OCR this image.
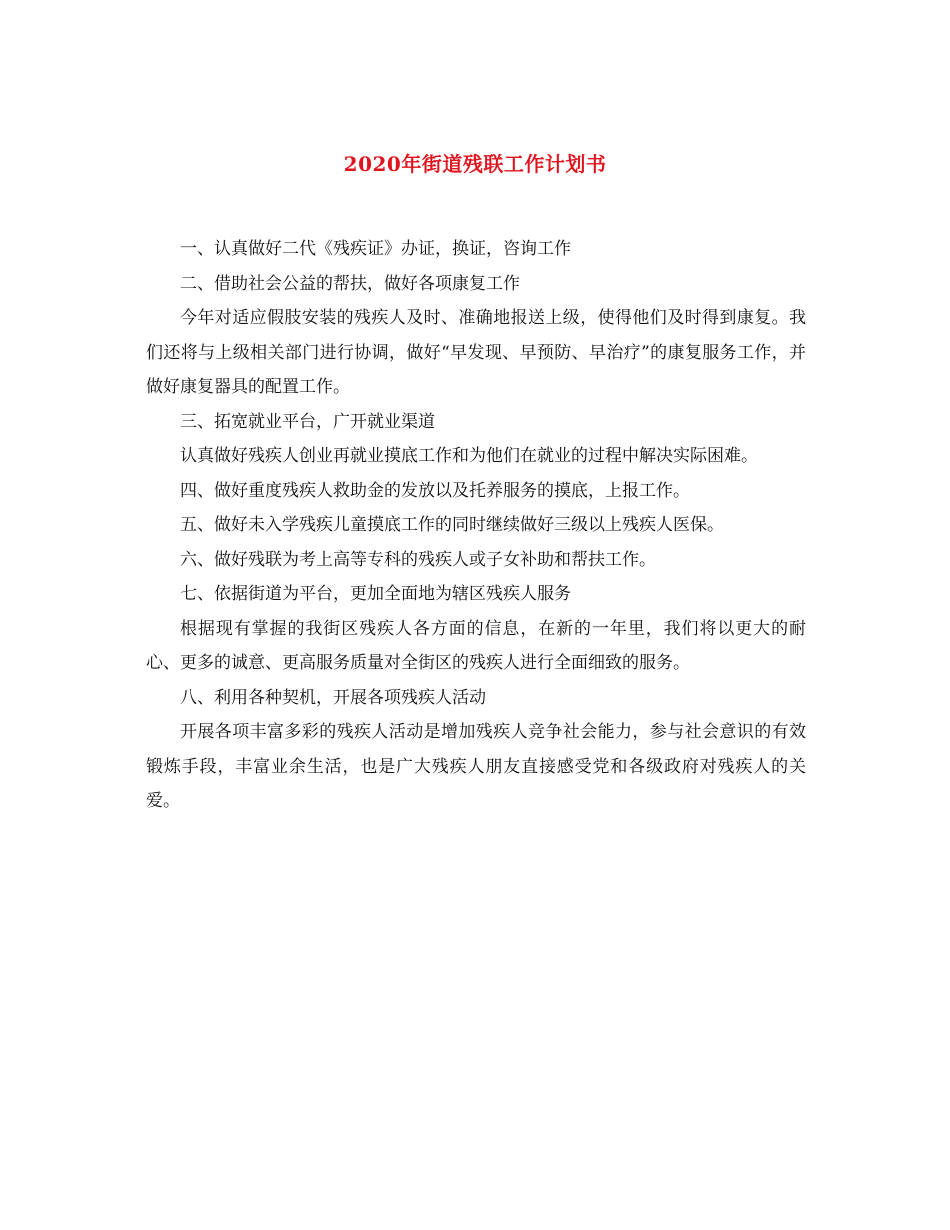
2020年街道残联工作计划书

一、认真做好二代《残疾证》办证，换证，咨询工作

二、借助社会公益的帮扶，做好各项康复工作

今年对适应假肢安装的残疾人及时、准确地报送上级，使得他们及时得到康复。我们还将与上级相关部门进行协调，做好“早发现、早预防、早治疗”的康复服务工作，并做好康复器具的配置工作。

三、拓宽就业平台，广开就业渠道

认真做好残疾人创业再就业摸底工作和为他们在就业的过程中解决实际困难。

四、做好重度残疾人救助金的发放以及托养服务的摸底，上报工作。

五、做好未入学残疾儿童摸底工作的同时继续做好三级以上残疾人医保。

六、做好残联为考上高等专科的残疾人或子女补助和帮扶工作。

七、依据街道为平台，更加全面地为辖区残疾人服务

根据现有掌握的我街区残疾人各方面的信息，在新的一年里，我们将以更大的耐心、更多的诚意、更高服务质量对全街区的残疾人进行全面细致的服务。

八、利用各种契机，开展各项残疾人活动

开展各项丰富多彩的残疾人活动是增加残疾人竞争社会能力，参与社会意识的有效锻炼手段，丰富业余生活，也是广大残疾人朋友直接感受党和各级政府对残疾人的关爱。
